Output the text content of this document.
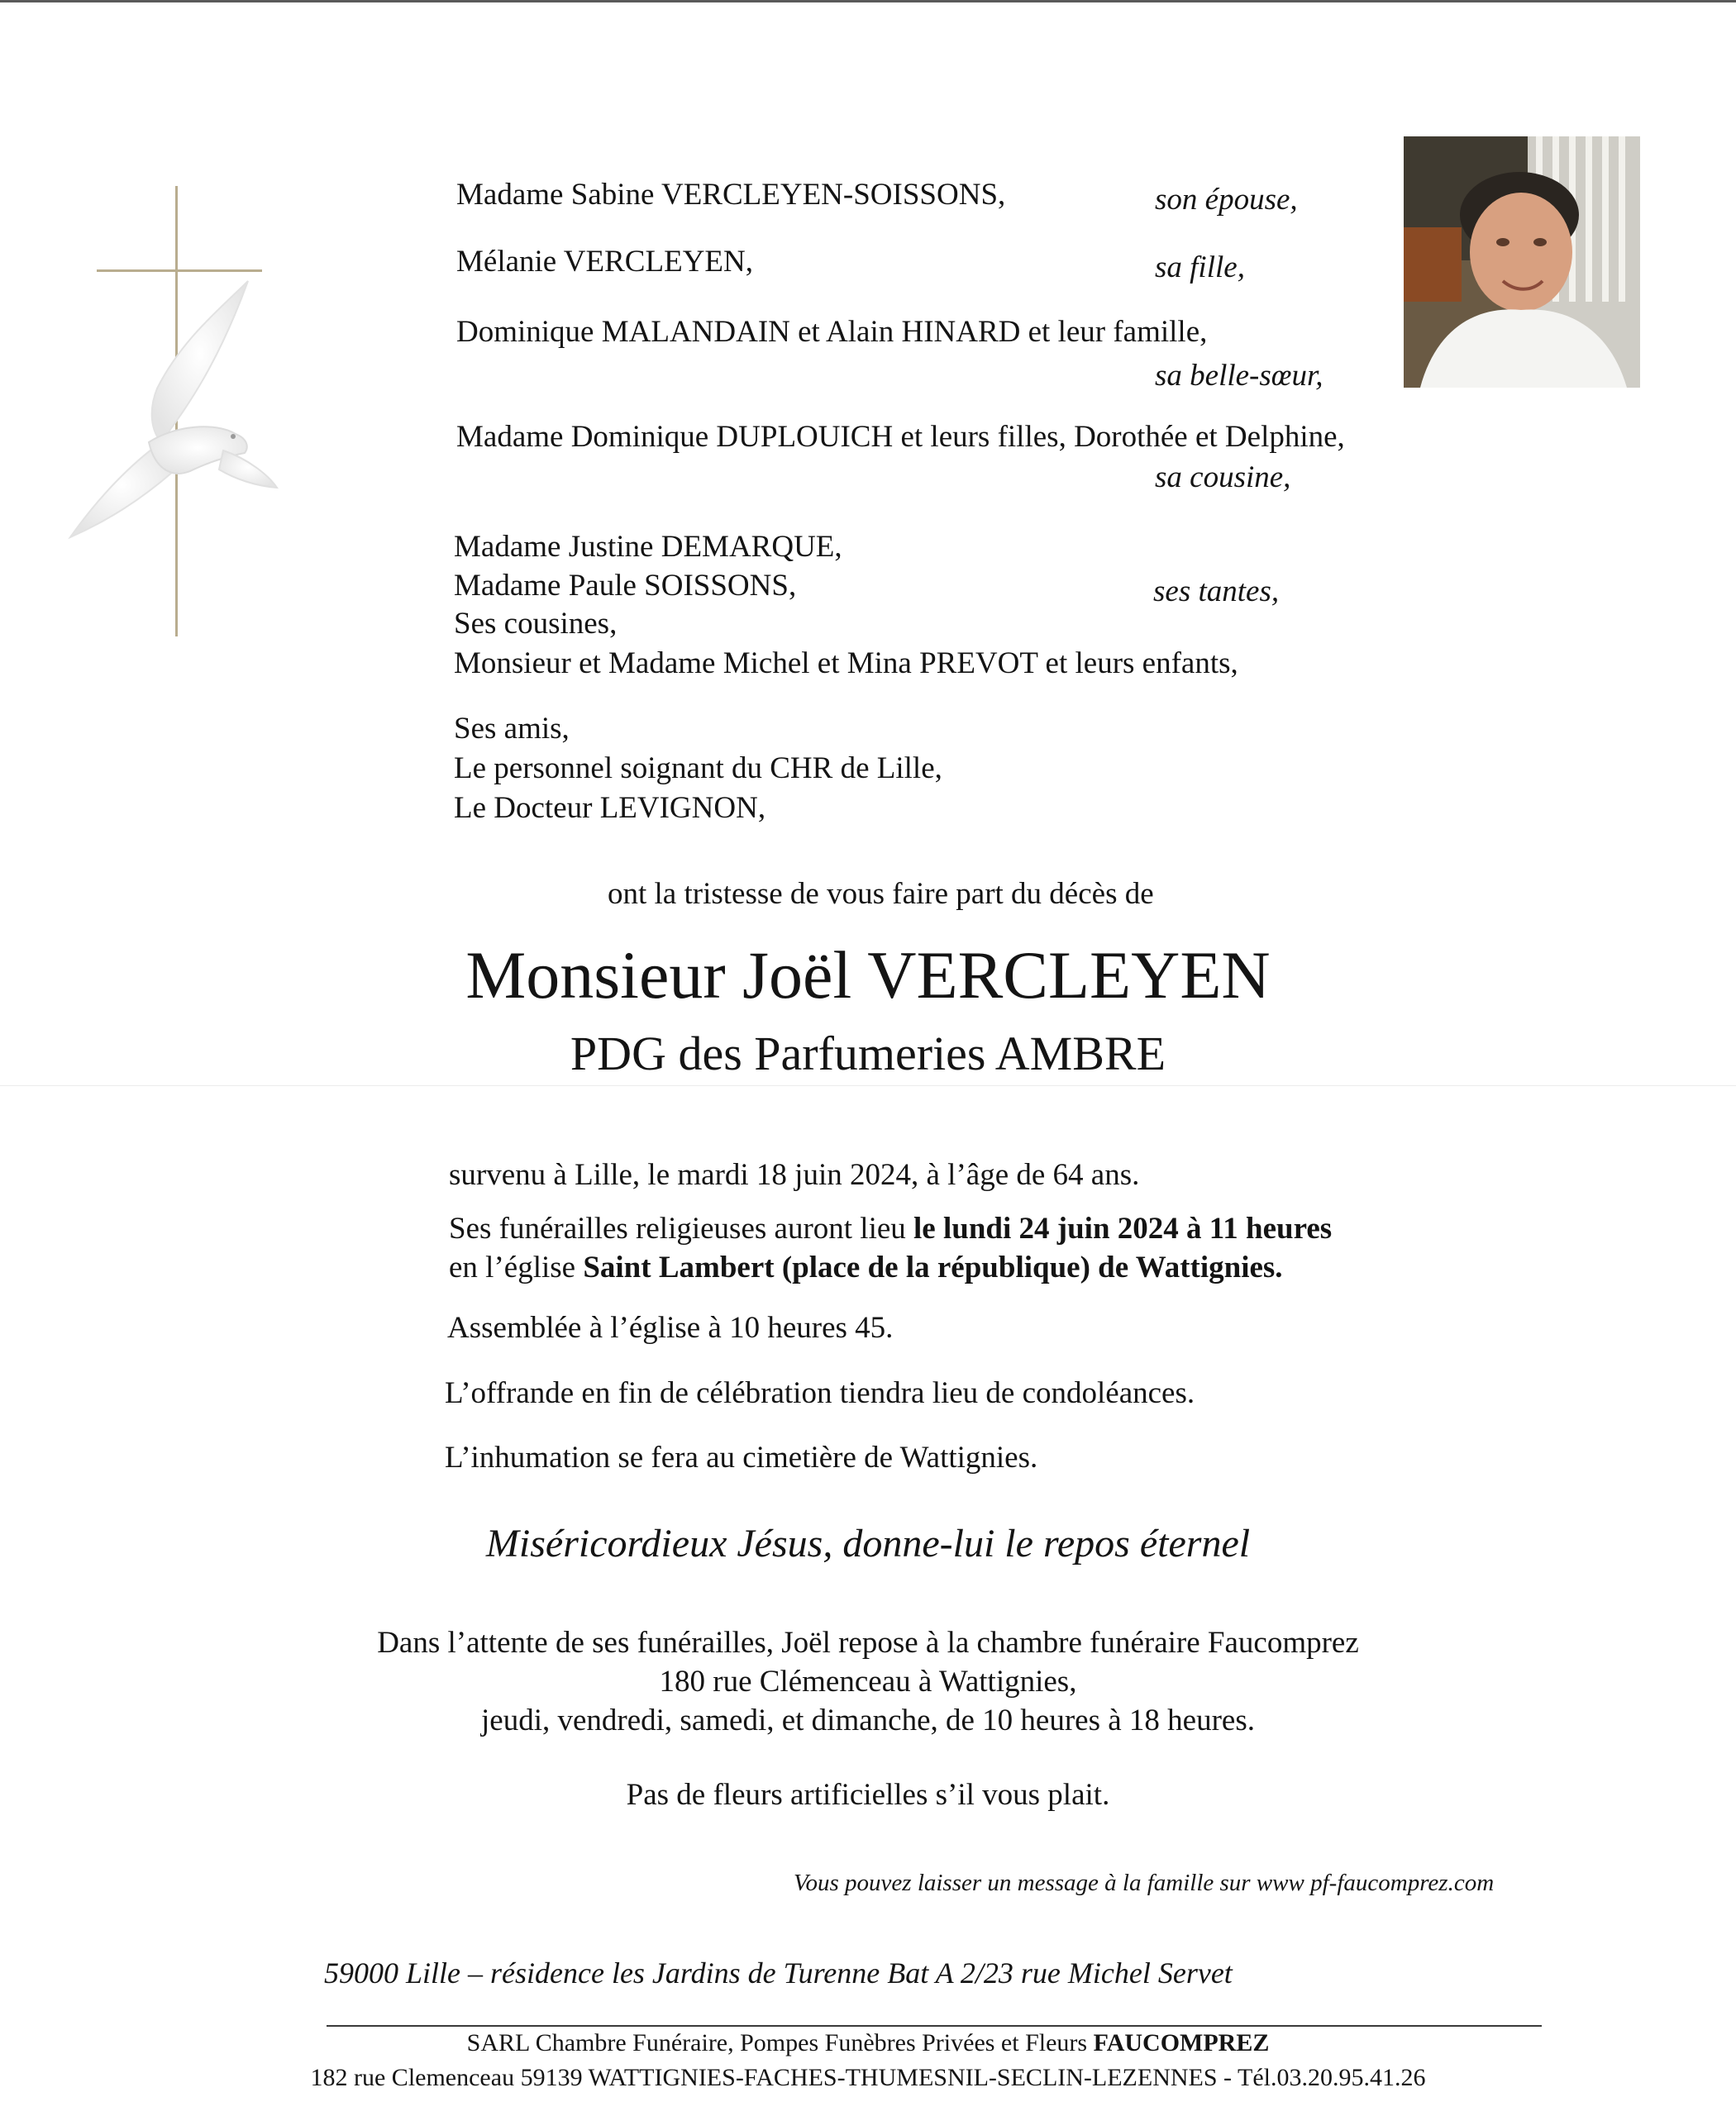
Madame Sabine VERCLEYEN-SOISSONS,	son épouse,
Mélanie VERCLEYEN,	sa fille,
Dominique MALANDAIN et Alain HINARD et leur famille,
sa belle-sœur,
Madame Dominique DUPLOUICH et leurs filles, Dorothée et Delphine,
sa cousine,
Madame Justine DEMARQUE,
Madame Paule SOISSONS,	ses tantes,
Ses cousines,
Monsieur et Madame Michel et Mina PREVOT et leurs enfants,
Ses amis,
Le personnel soignant du CHR de Lille,
Le Docteur LEVIGNON,
ont la tristesse de vous faire part du décès de
Monsieur Joël VERCLEYEN
PDG des Parfumeries AMBRE
survenu à Lille, le mardi 18 juin 2024, à l’âge de 64 ans.
Ses funérailles religieuses auront lieu le lundi 24 juin 2024 à 11 heures
en l’église Saint Lambert (place de la république) de Wattignies.
Assemblée à l’église à 10 heures 45.
L’offrande en fin de célébration tiendra lieu de condoléances.
L’inhumation se fera au cimetière de Wattignies.
Miséricordieux Jésus, donne-lui le repos éternel
Dans l’attente de ses funérailles, Joël repose à la chambre funéraire Faucomprez
180 rue Clémenceau à Wattignies,
jeudi, vendredi, samedi, et dimanche, de 10 heures à 18 heures.
Pas de fleurs artificielles s’il vous plait.
Vous pouvez laisser un message à la famille sur www pf-faucomprez.com
59000 Lille – résidence les Jardins de Turenne Bat A 2/23 rue Michel Servet
SARL Chambre Funéraire, Pompes Funèbres Privées et Fleurs FAUCOMPREZ
182 rue Clemenceau 59139 WATTIGNIES-FACHES-THUMESNIL-SECLIN-LEZENNES - Tél.03.20.95.41.26
